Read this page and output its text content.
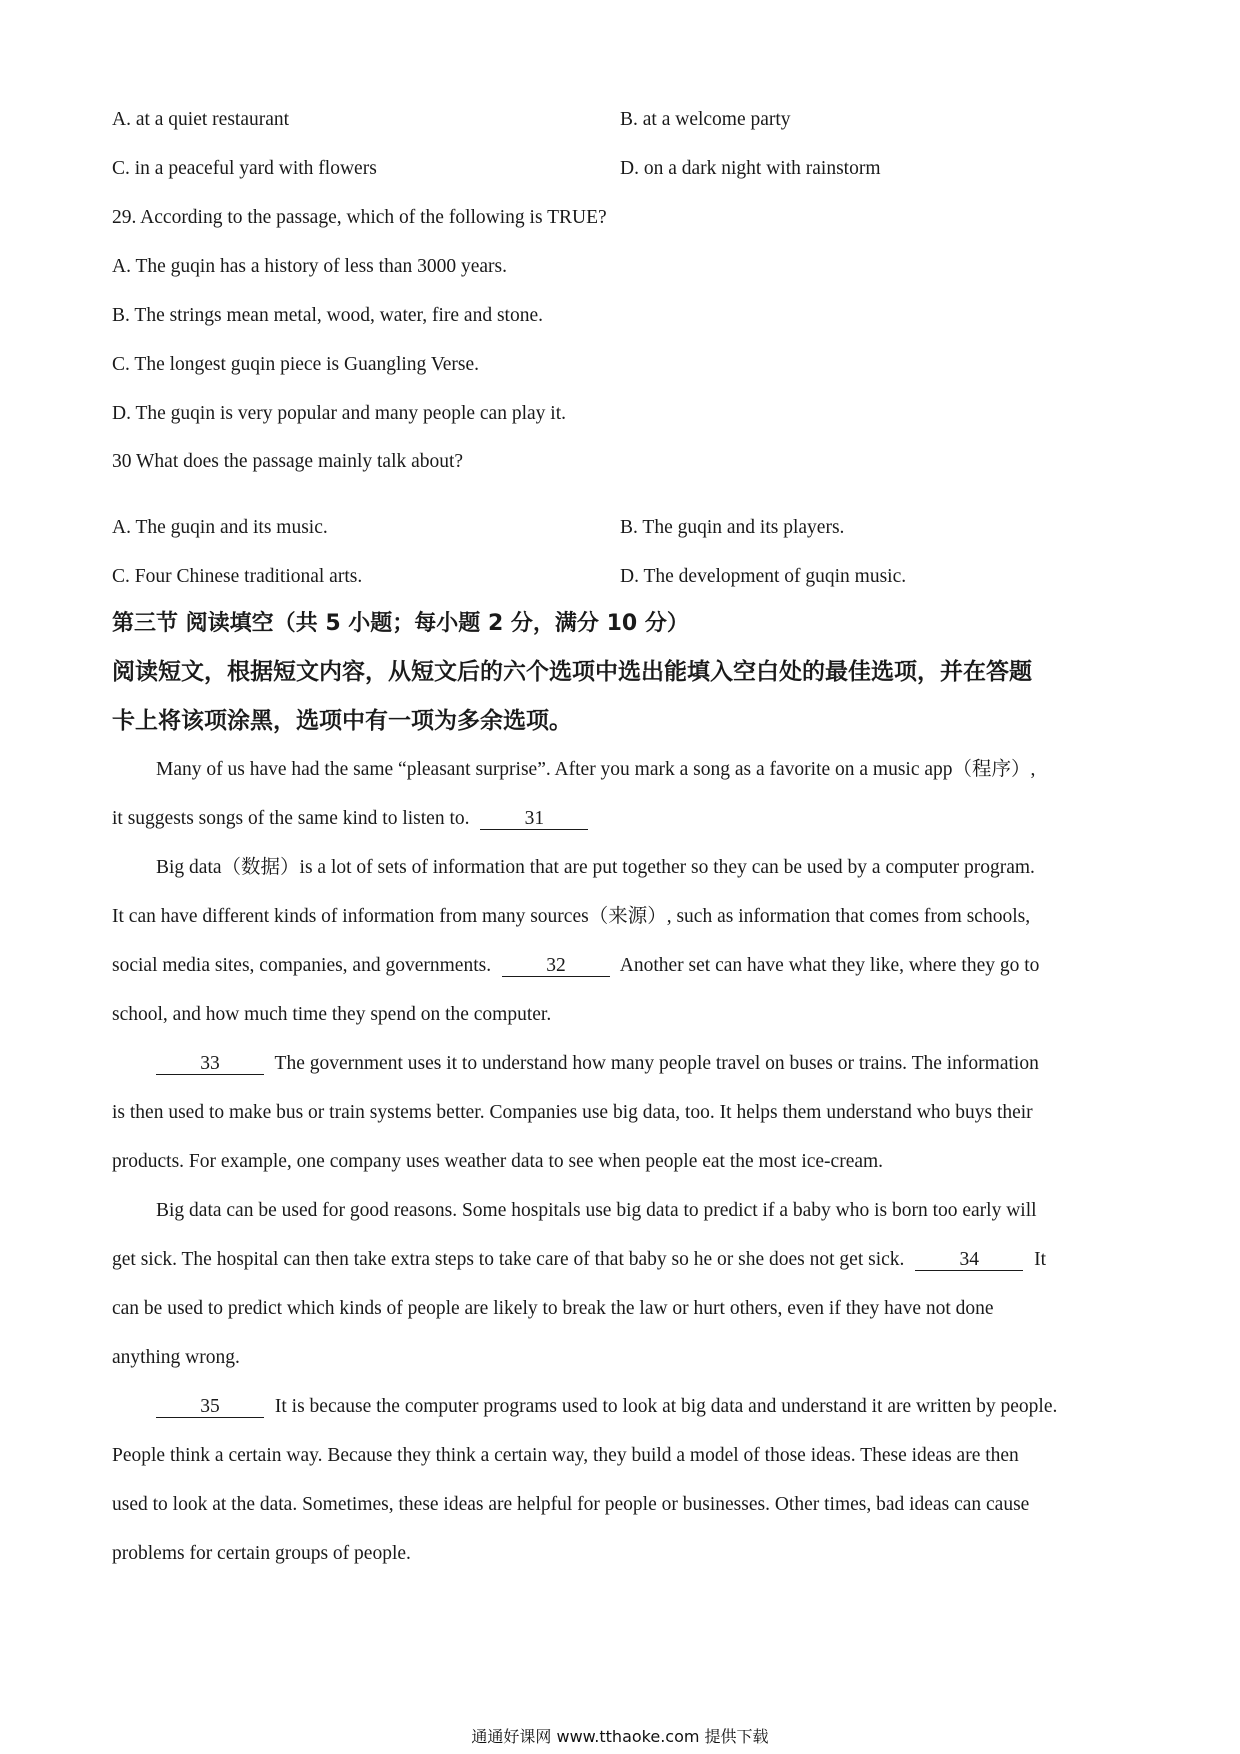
A. at a quiet restaurant	B. at a welcome party
C. in a peaceful yard with flowers	D. on a dark night with rainstorm
29. According to the passage, which of the following is TRUE?
A. The guqin has a history of less than 3000 years.
B. The strings mean metal, wood, water, fire and stone.
C. The longest guqin piece is Guangling Verse.
D. The guqin is very popular and many people can play it.
30 What does the passage mainly talk about?
A. The guqin and its music.	B. The guqin and its players.
C. Four Chinese traditional arts.	D. The development of guqin music.
第三节 阅读填空（共 5 小题；每小题 2 分，满分 10 分）
阅读短文，根据短文内容，从短文后的六个选项中选出能填入空白处的最佳选项，并在答题
卡上将该项涂黑，选项中有一项为多余选项。
Many of us have had the same “pleasant surprise”. After you mark a song as a favorite on a music app（程序）,
it suggests songs of the same kind to listen to.	31
Big data（数据）is a lot of sets of information that are put together so they can be used by a computer program.
It can have different kinds of information from many sources（来源）, such as information that comes from schools,
social media sites, companies, and governments.	32	Another set can have what they like, where they go to
school, and how much time they spend on the computer.
33	The government uses it to understand how many people travel on buses or trains. The information
is then used to make bus or train systems better. Companies use big data, too. It helps them understand who buys their
products. For example, one company uses weather data to see when people eat the most ice-cream.
Big data can be used for good reasons. Some hospitals use big data to predict if a baby who is born too early will
get sick. The hospital can then take extra steps to take care of that baby so he or she does not get sick.	34	It
can be used to predict which kinds of people are likely to break the law or hurt others, even if they have not done
anything wrong.
35	It is because the computer programs used to look at big data and understand it are written by people.
People think a certain way. Because they think a certain way, they build a model of those ideas. These ideas are then
used to look at the data. Sometimes, these ideas are helpful for people or businesses. Other times, bad ideas can cause
problems for certain groups of people.
通通好课网 www.tthaoke.com 提供下载
